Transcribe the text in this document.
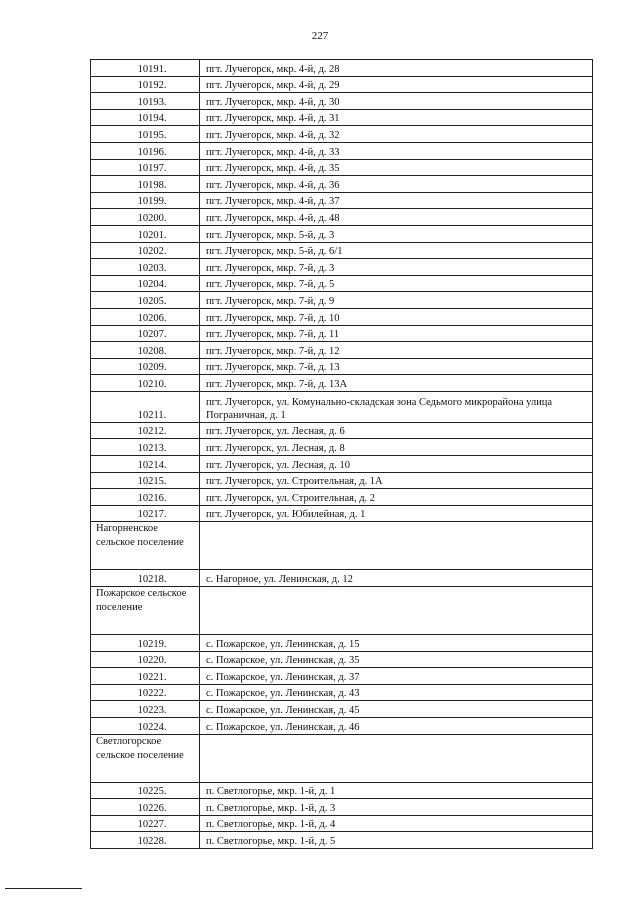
227
10191.	пгт. Лучегорск, мкр. 4-й, д. 28
10192.	пгт. Лучегорск, мкр. 4-й, д. 29
10193.	пгт. Лучегорск, мкр. 4-й, д. 30
10194.	пгт. Лучегорск, мкр. 4-й, д. 31
10195.	пгт. Лучегорск, мкр. 4-й, д. 32
10196.	пгт. Лучегорск, мкр. 4-й, д. 33
10197.	пгт. Лучегорск, мкр. 4-й, д. 35
10198.	пгт. Лучегорск, мкр. 4-й, д. 36
10199.	пгт. Лучегорск, мкр. 4-й, д. 37
10200.	пгт. Лучегорск, мкр. 4-й, д. 48
10201.	пгт. Лучегорск, мкр. 5-й, д. 3
10202.	пгт. Лучегорск, мкр. 5-й, д. 6/1
10203.	пгт. Лучегорск, мкр. 7-й, д. 3
10204.	пгт. Лучегорск, мкр. 7-й, д. 5
10205.	пгт. Лучегорск, мкр. 7-й, д. 9
10206.	пгт. Лучегорск, мкр. 7-й, д. 10
10207.	пгт. Лучегорск, мкр. 7-й, д. 11
10208.	пгт. Лучегорск, мкр. 7-й, д. 12
10209.	пгт. Лучегорск, мкр. 7-й, д. 13
10210.	пгт. Лучегорск, мкр. 7-й, д. 13А
10211.	пгт. Лучегорск, ул. Комунально-складская зона Седьмого микрорайона улица Пограничная, д. 1
10212.	пгт. Лучегорск, ул. Лесная, д. 6
10213.	пгт. Лучегорск, ул. Лесная, д. 8
10214.	пгт. Лучегорск, ул. Лесная, д. 10
10215.	пгт. Лучегорск, ул. Строительная, д. 1А
10216.	пгт. Лучегорск, ул. Строительная, д. 2
10217.	пгт. Лучегорск, ул. Юбилейная, д. 1
Нагорненское сельское поселение	
10218.	с. Нагорное, ул. Ленинская, д. 12
Пожарское сельское поселение	
10219.	с. Пожарское, ул. Ленинская, д. 15
10220.	с. Пожарское, ул. Ленинская, д. 35
10221.	с. Пожарское, ул. Ленинская, д. 37
10222.	с. Пожарское, ул. Ленинская, д. 43
10223.	с. Пожарское, ул. Ленинская, д. 45
10224.	с. Пожарское, ул. Ленинская, д. 46
Светлогорское сельское поселение	
10225.	п. Светлогорье, мкр. 1-й, д. 1
10226.	п. Светлогорье, мкр. 1-й, д. 3
10227.	п. Светлогорье, мкр. 1-й, д. 4
10228.	п. Светлогорье, мкр. 1-й, д. 5
